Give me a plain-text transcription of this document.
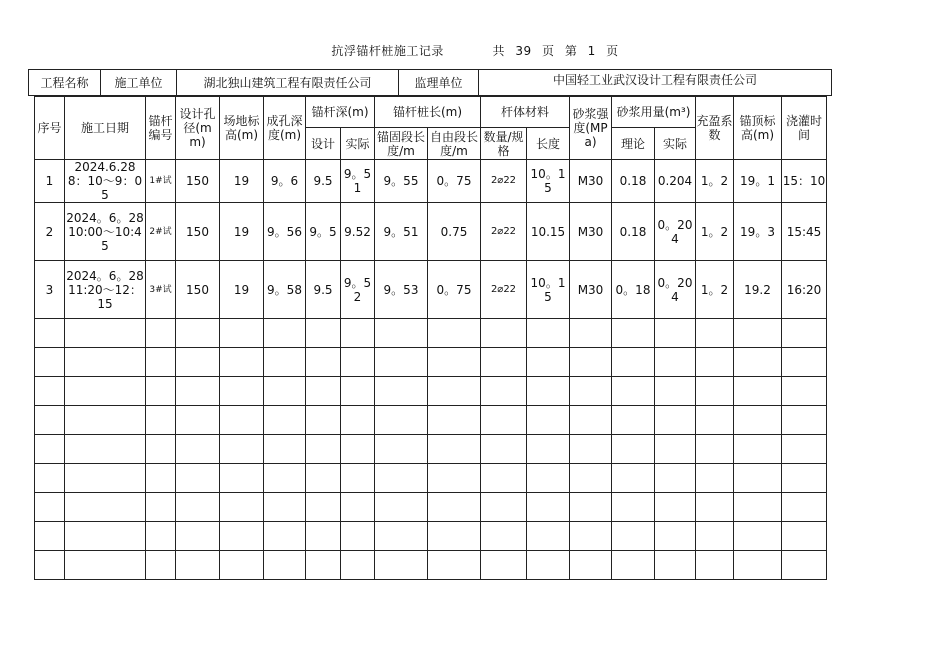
抗浮锚杆桩施工记录	共 39 页 第 1 页
工程名称	施工单位	湖北独山建筑工程有限责任公司	监理单位	中国轻工业武汉设计工程有限责任公司
序号	施工日期	锚杆编号	设计孔径(mm)	场地标高(m)	成孔深度(m)	锚杆深(m)		锚杆桩长(m)		杆体材料		砂浆强度(MPa)	砂浆用量(m³)		充盈系数	锚顶标高(m)	浇灌时间
						设计	实际	锚固段长度/m	自由段长度/m	数量/规格	长度		理论	实际			
1	2024.6.28 8：10～9：05	1#试	150	19	9。6	9.5	9。51	9。55	0。75	2⌀22	10。15	M30	0.18	0.204	1。2	19。1	15：10
2	2024。6。28 10:00～10:45	2#试	150	19	9。56	9。5	9.52	9。51	0.75	2⌀22	10.15	M30	0.18	0。204	1。2	19。3	15:45
3	2024。6。28 11:20～12：15	3#试	150	19	9。58	9.5	9。52	9。53	0。75	2⌀22	10。15	M30	0。18	0。204	1。2	19.2	16:20
